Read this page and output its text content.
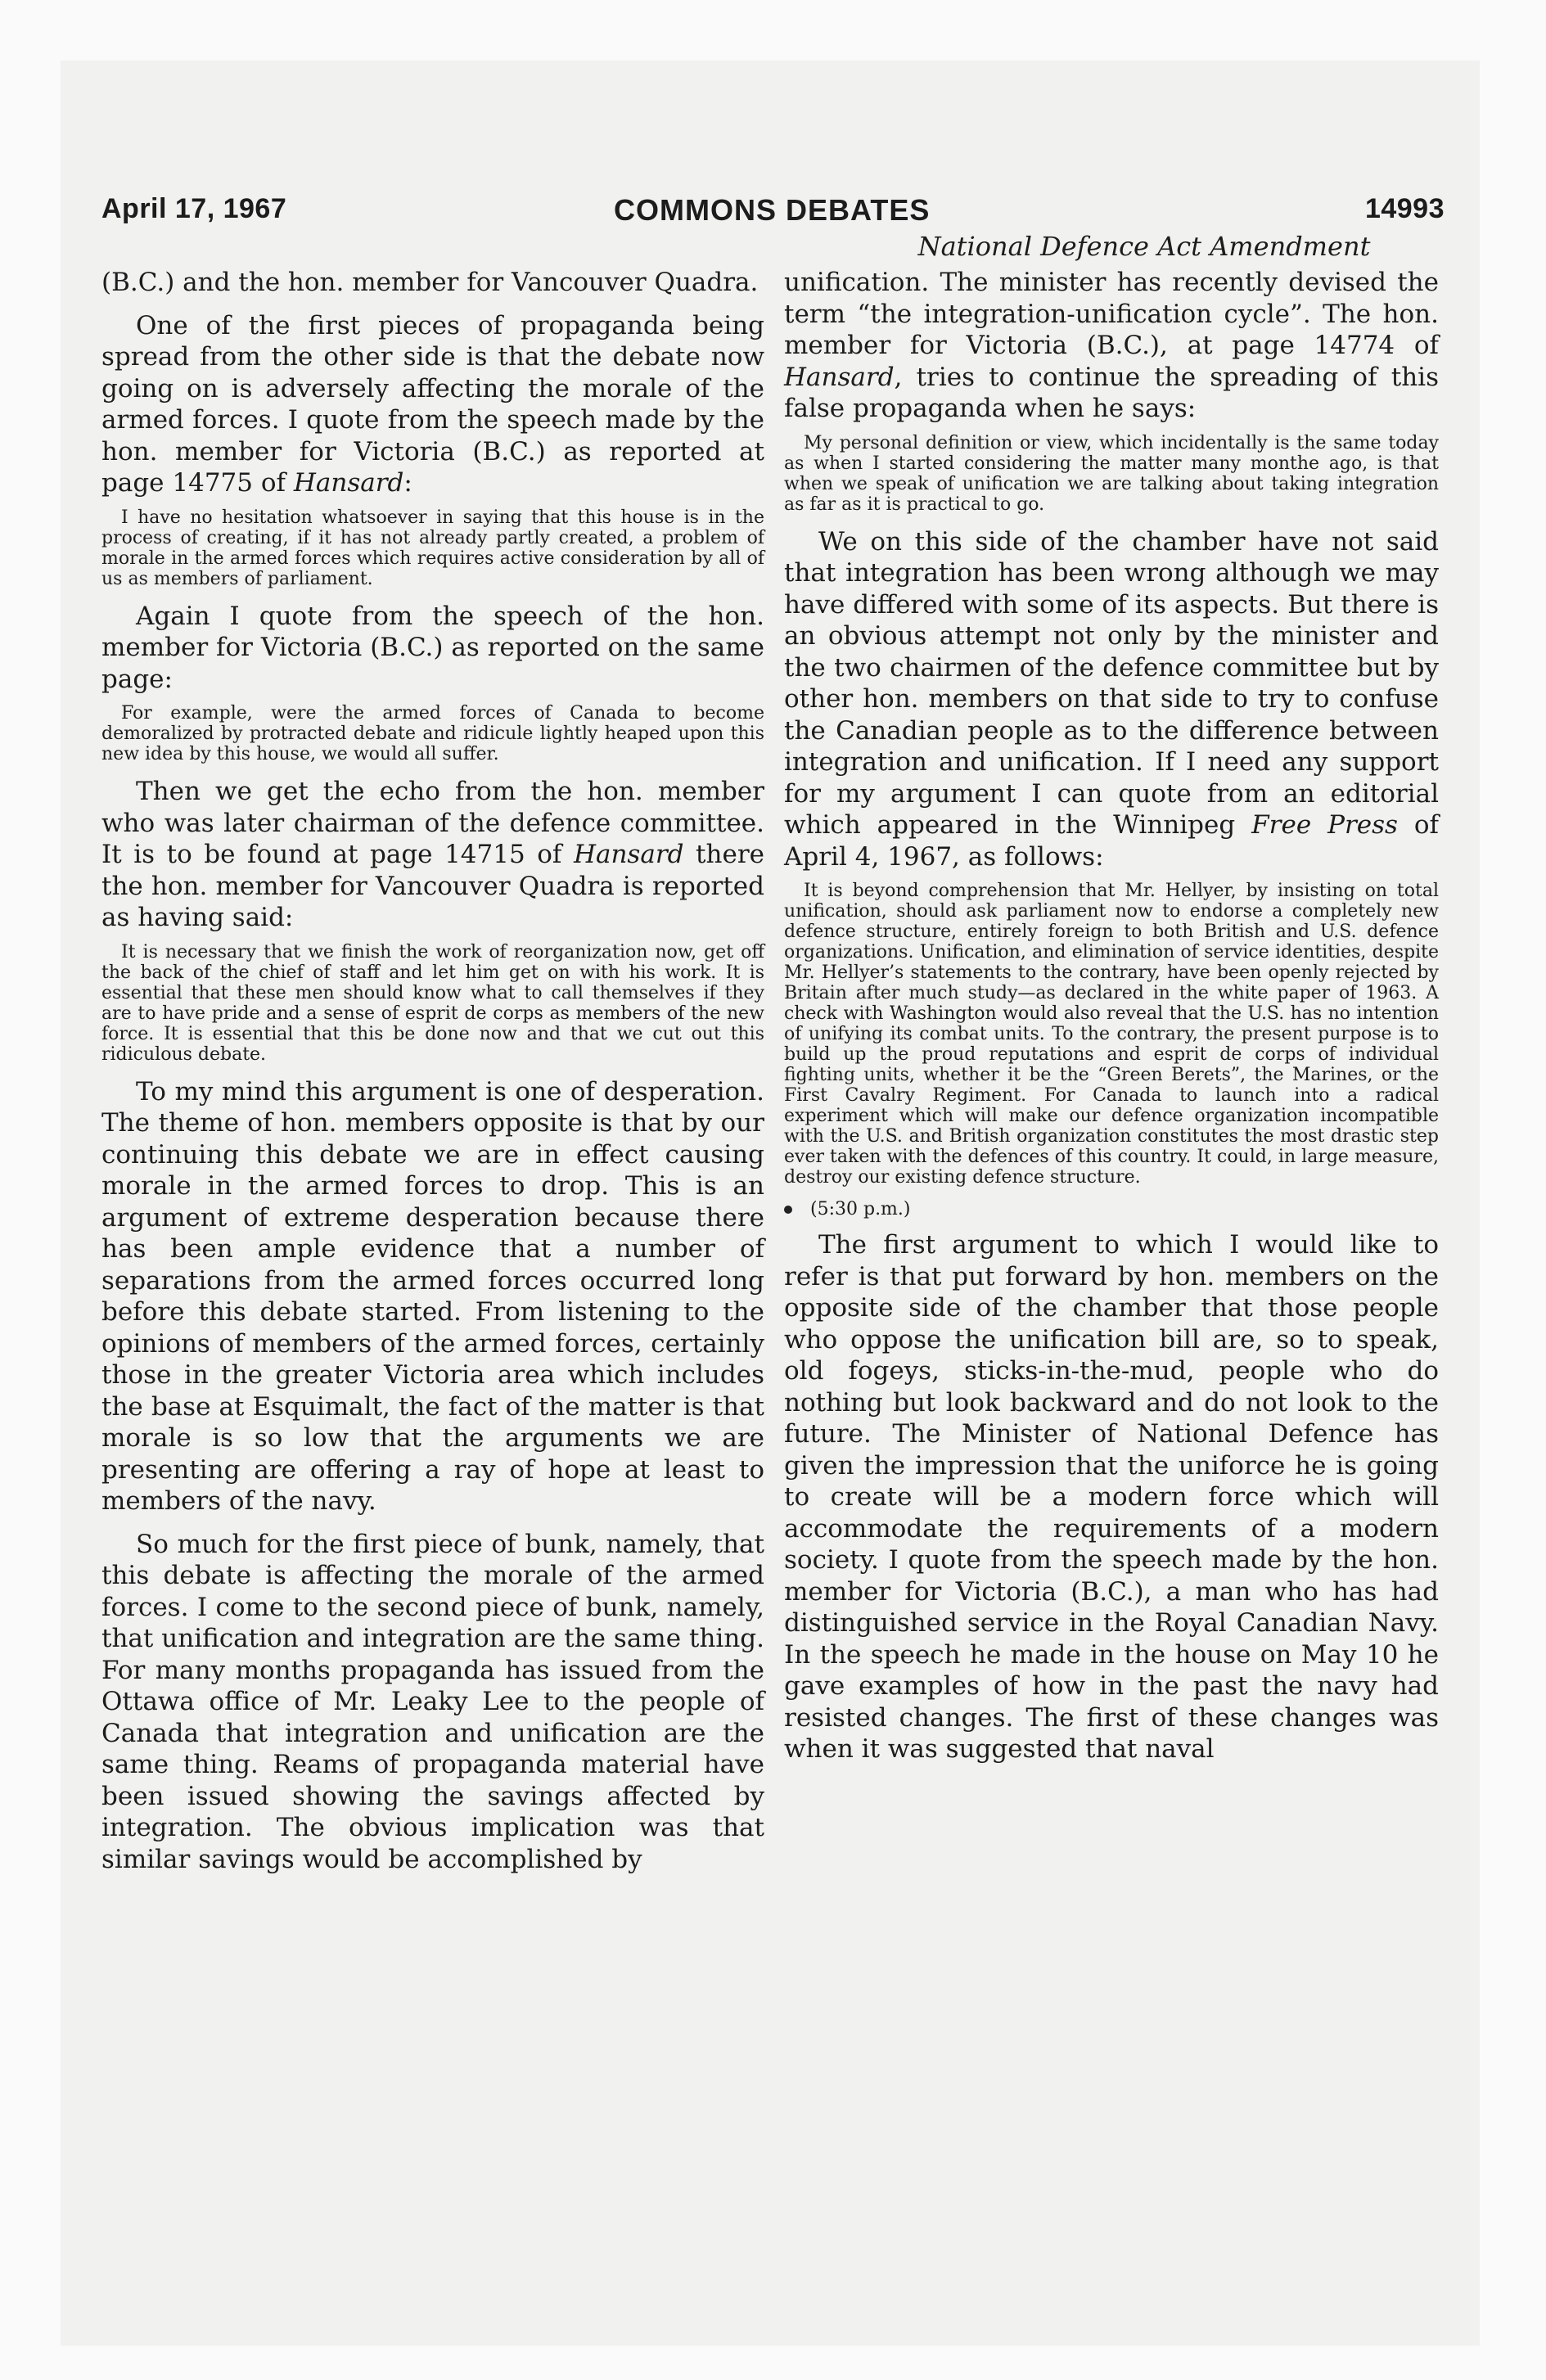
April 17, 1967	COMMONS DEBATES	14993
National Defence Act Amendment

(B.C.) and the hon. member for Vancouver Quadra.

One of the first pieces of propaganda being spread from the other side is that the debate now going on is adversely affecting the morale of the armed forces. I quote from the speech made by the hon. member for Victoria (B.C.) as reported at page 14775 of Hansard:

I have no hesitation whatsoever in saying that this house is in the process of creating, if it has not already partly created, a problem of morale in the armed forces which requires active consideration by all of us as members of parliament.

Again I quote from the speech of the hon. member for Victoria (B.C.) as reported on the same page:

For example, were the armed forces of Canada to become demoralized by protracted debate and ridicule lightly heaped upon this new idea by this house, we would all suffer.

Then we get the echo from the hon. member who was later chairman of the defence committee. It is to be found at page 14715 of Hansard there the hon. member for Vancouver Quadra is reported as having said:

It is necessary that we finish the work of reorganization now, get off the back of the chief of staff and let him get on with his work. It is essential that these men should know what to call themselves if they are to have pride and a sense of esprit de corps as members of the new force. It is essential that this be done now and that we cut out this ridiculous debate.

To my mind this argument is one of desperation. The theme of hon. members opposite is that by our continuing this debate we are in effect causing morale in the armed forces to drop. This is an argument of extreme desperation because there has been ample evidence that a number of separations from the armed forces occurred long before this debate started. From listening to the opinions of members of the armed forces, certainly those in the greater Victoria area which includes the base at Esquimalt, the fact of the matter is that morale is so low that the arguments we are presenting are offering a ray of hope at least to members of the navy.

So much for the first piece of bunk, namely, that this debate is affecting the morale of the armed forces. I come to the second piece of bunk, namely, that unification and integration are the same thing. For many months propaganda has issued from the Ottawa office of Mr. Leaky Lee to the people of Canada that integration and unification are the same thing. Reams of propaganda material have been issued showing the savings affected by integration. The obvious implication was that similar savings would be accomplished by

unification. The minister has recently devised the term “the integration-unification cycle”. The hon. member for Victoria (B.C.), at page 14774 of Hansard, tries to continue the spreading of this false propaganda when he says:

My personal definition or view, which incidentally is the same today as when I started considering the matter many monthe ago, is that when we speak of unification we are talking about taking integration as far as it is practical to go.

We on this side of the chamber have not said that integration has been wrong although we may have differed with some of its aspects. But there is an obvious attempt not only by the minister and the two chairmen of the defence committee but by other hon. members on that side to try to confuse the Canadian people as to the difference between integration and unification. If I need any support for my argument I can quote from an editorial which appeared in the Winnipeg Free Press of April 4, 1967, as follows:

It is beyond comprehension that Mr. Hellyer, by insisting on total unification, should ask parliament now to endorse a completely new defence structure, entirely foreign to both British and U.S. defence organizations. Unification, and elimination of service identities, despite Mr. Hellyer’s statements to the contrary, have been openly rejected by Britain after much study—as declared in the white paper of 1963. A check with Washington would also reveal that the U.S. has no intention of unifying its combat units. To the contrary, the present purpose is to build up the proud reputations and esprit de corps of individual fighting units, whether it be the “Green Berets”, the Marines, or the First Cavalry Regiment. For Canada to launch into a radical experiment which will make our defence organization incompatible with the U.S. and British organization constitutes the most drastic step ever taken with the defences of this country. It could, in large measure, destroy our existing defence structure.

(5:30 p.m.)

The first argument to which I would like to refer is that put forward by hon. members on the opposite side of the chamber that those people who oppose the unification bill are, so to speak, old fogeys, sticks-in-the-mud, people who do nothing but look backward and do not look to the future. The Minister of National Defence has given the impression that the uniforce he is going to create will be a modern force which will accommodate the requirements of a modern society. I quote from the speech made by the hon. member for Victoria (B.C.), a man who has had distinguished service in the Royal Canadian Navy. In the speech he made in the house on May 10 he gave examples of how in the past the navy had resisted changes. The first of these changes was when it was suggested that naval
